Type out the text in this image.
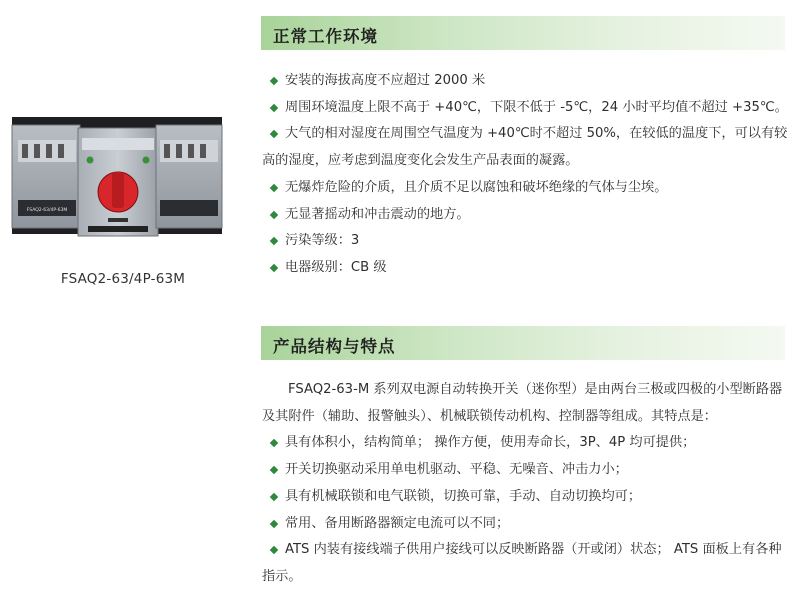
FSAQ2-63/4P-63M
FSAQ2-63/4P-63M
正常工作环境
安装的海拔高度不应超过 2000 米
周围环境温度上限不高于 +40℃，下限不低于 -5℃，24 小时平均值不超过 +35℃。
大气的相对湿度在周围空气温度为 +40℃时不超过 50%，在较低的温度下，可以有较高的湿度，应考虑到温度变化会发生产品表面的凝露。
无爆炸危险的介质，且介质不足以腐蚀和破坏绝缘的气体与尘埃。
无显著摇动和冲击震动的地方。
污染等级：3
电器级别：CB 级
产品结构与特点
FSAQ2-63-M 系列双电源自动转换开关（迷你型）是由两台三极或四极的小型断路器及其附件（辅助、报警触头）、机械联锁传动机构、控制器等组成。其特点是：
具有体积小，结构简单； 操作方便，使用寿命长，3P、4P 均可提供；
开关切换驱动采用单电机驱动、平稳、无噪音、冲击力小；
具有机械联锁和电气联锁，切换可靠，手动、自动切换均可；
常用、备用断路器额定电流可以不同；
ATS 内装有接线端子供用户接线可以反映断路器（开或闭）状态； ATS 面板上有各种指示。
